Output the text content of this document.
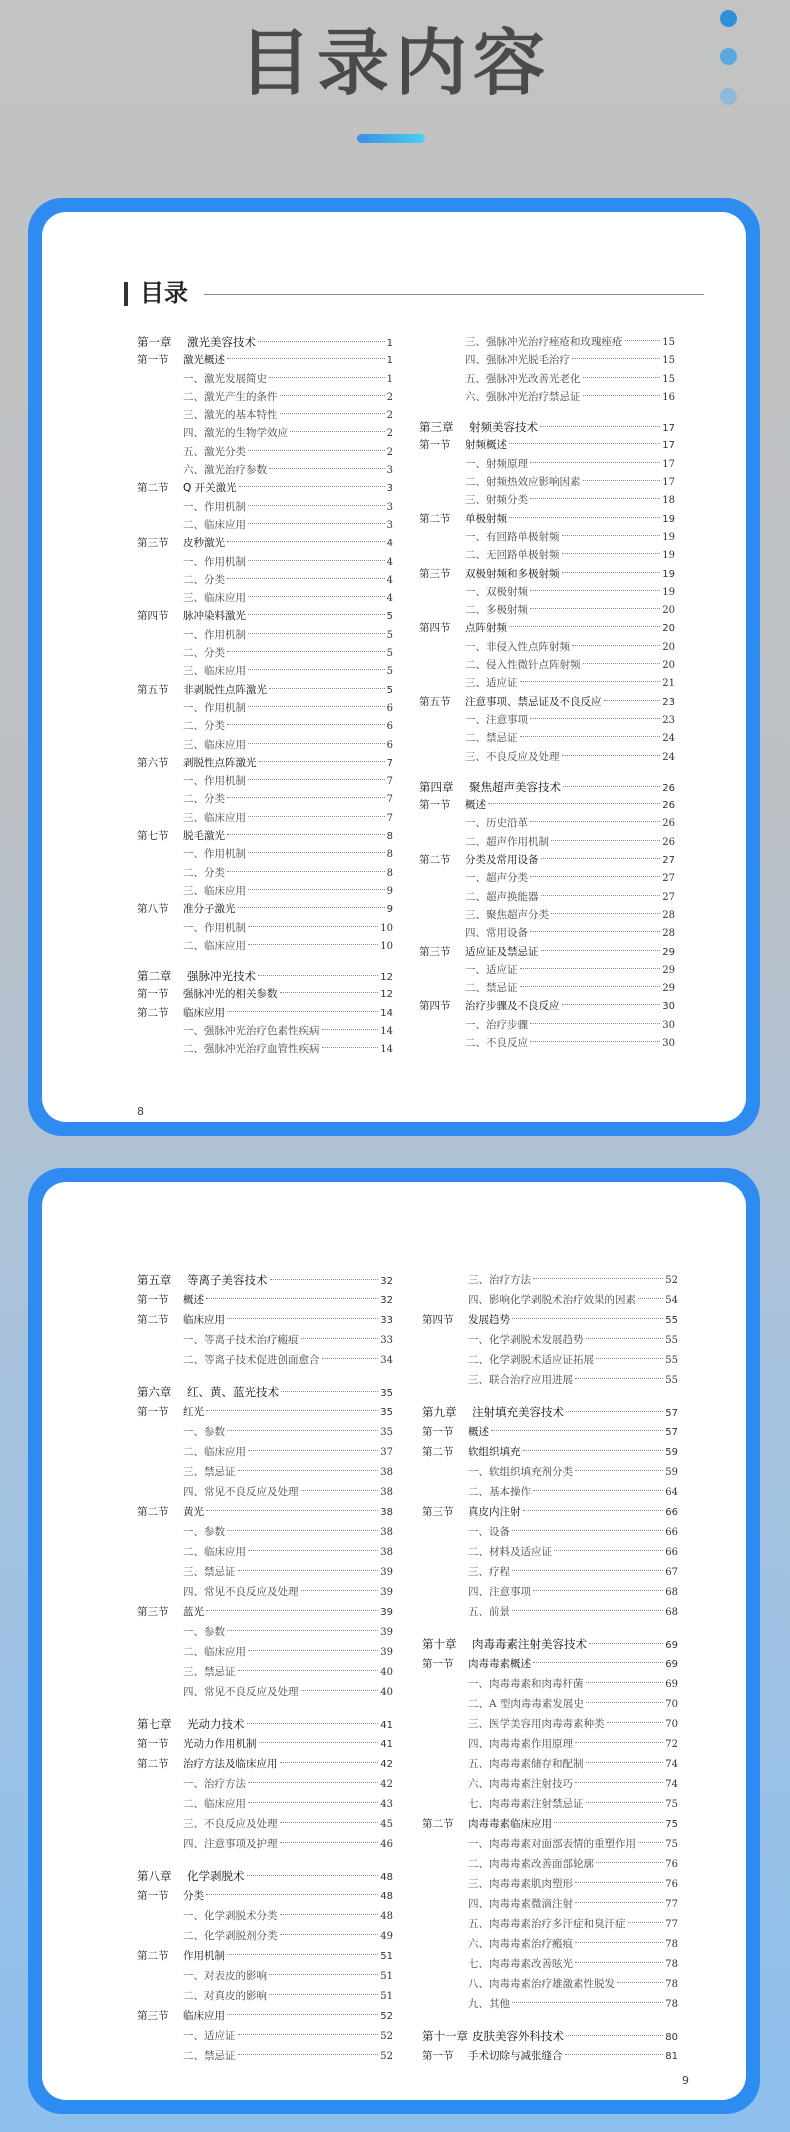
目录内容
目录
第一章	激光美容技术	1
第一节	激光概述	1
一、激光发展简史	1
二、激光产生的条件	2
三、激光的基本特性	2
四、激光的生物学效应	2
五、激光分类	2
六、激光治疗参数	3
第二节	Q 开关激光	3
一、作用机制	3
二、临床应用	3
第三节	皮秒激光	4
一、作用机制	4
二、分类	4
三、临床应用	4
第四节	脉冲染料激光	5
一、作用机制	5
二、分类	5
三、临床应用	5
第五节	非剥脱性点阵激光	5
一、作用机制	6
二、分类	6
三、临床应用	6
第六节	剥脱性点阵激光	7
一、作用机制	7
二、分类	7
三、临床应用	7
第七节	脱毛激光	8
一、作用机制	8
二、分类	8
三、临床应用	9
第八节	准分子激光	9
一、作用机制	10
二、临床应用	10
第二章	强脉冲光技术	12
第一节	强脉冲光的相关参数	12
第二节	临床应用	14
一、强脉冲光治疗色素性疾病	14
二、强脉冲光治疗血管性疾病	14
三、强脉冲光治疗痤疮和玫瑰痤疮	15
四、强脉冲光脱毛治疗	15
五、强脉冲光改善光老化	15
六、强脉冲光治疗禁忌证	16
第三章	射频美容技术	17
第一节	射频概述	17
一、射频原理	17
二、射频热效应影响因素	17
三、射频分类	18
第二节	单极射频	19
一、有回路单极射频	19
二、无回路单极射频	19
第三节	双极射频和多极射频	19
一、双极射频	19
二、多极射频	20
第四节	点阵射频	20
一、非侵入性点阵射频	20
二、侵入性微针点阵射频	20
三、适应证	21
第五节	注意事项、禁忌证及不良反应	23
一、注意事项	23
二、禁忌证	24
三、不良反应及处理	24
第四章	聚焦超声美容技术	26
第一节	概述	26
一、历史沿革	26
二、超声作用机制	26
第二节	分类及常用设备	27
一、超声分类	27
二、超声换能器	27
三、聚焦超声分类	28
四、常用设备	28
第三节	适应证及禁忌证	29
一、适应证	29
二、禁忌证	29
第四节	治疗步骤及不良反应	30
一、治疗步骤	30
二、不良反应	30
8
第五章	等离子美容技术	32
第一节	概述	32
第二节	临床应用	33
一、等离子技术治疗瘢痕	33
二、等离子技术促进创面愈合	34
第六章	红、黄、蓝光技术	35
第一节	红光	35
一、参数	35
二、临床应用	37
三、禁忌证	38
四、常见不良反应及处理	38
第二节	黄光	38
一、参数	38
二、临床应用	38
三、禁忌证	39
四、常见不良反应及处理	39
第三节	蓝光	39
一、参数	39
二、临床应用	39
三、禁忌证	40
四、常见不良反应及处理	40
第七章	光动力技术	41
第一节	光动力作用机制	41
第二节	治疗方法及临床应用	42
一、治疗方法	42
二、临床应用	43
三、不良反应及处理	45
四、注意事项及护理	46
第八章	化学剥脱术	48
第一节	分类	48
一、化学剥脱术分类	48
二、化学剥脱剂分类	49
第二节	作用机制	51
一、对表皮的影响	51
二、对真皮的影响	51
第三节	临床应用	52
一、适应证	52
二、禁忌证	52
三、治疗方法	52
四、影响化学剥脱术治疗效果的因素	54
第四节	发展趋势	55
一、化学剥脱术发展趋势	55
二、化学剥脱术适应证拓展	55
三、联合治疗应用进展	55
第九章	注射填充美容技术	57
第一节	概述	57
第二节	软组织填充	59
一、软组织填充剂分类	59
二、基本操作	64
第三节	真皮内注射	66
一、设备	66
二、材料及适应证	66
三、疗程	67
四、注意事项	68
五、前景	68
第十章	肉毒毒素注射美容技术	69
第一节	肉毒毒素概述	69
一、肉毒毒素和肉毒杆菌	69
二、A 型肉毒毒素发展史	70
三、医学美容用肉毒毒素种类	70
四、肉毒毒素作用原理	72
五、肉毒毒素储存和配制	74
六、肉毒毒素注射技巧	74
七、肉毒毒素注射禁忌证	75
第二节	肉毒毒素临床应用	75
一、肉毒毒素对面部表情的重塑作用	75
二、肉毒毒素改善面部轮廓	76
三、肉毒毒素肌肉塑形	76
四、肉毒毒素微滴注射	77
五、肉毒毒素治疗多汗症和臭汗症	77
六、肉毒毒素治疗瘢痕	78
七、肉毒毒素改善眩光	78
八、肉毒毒素治疗雄激素性脱发	78
九、其他	78
第十一章 皮肤美容外科技术	80
第一节	手术切除与减张缝合	81
9
